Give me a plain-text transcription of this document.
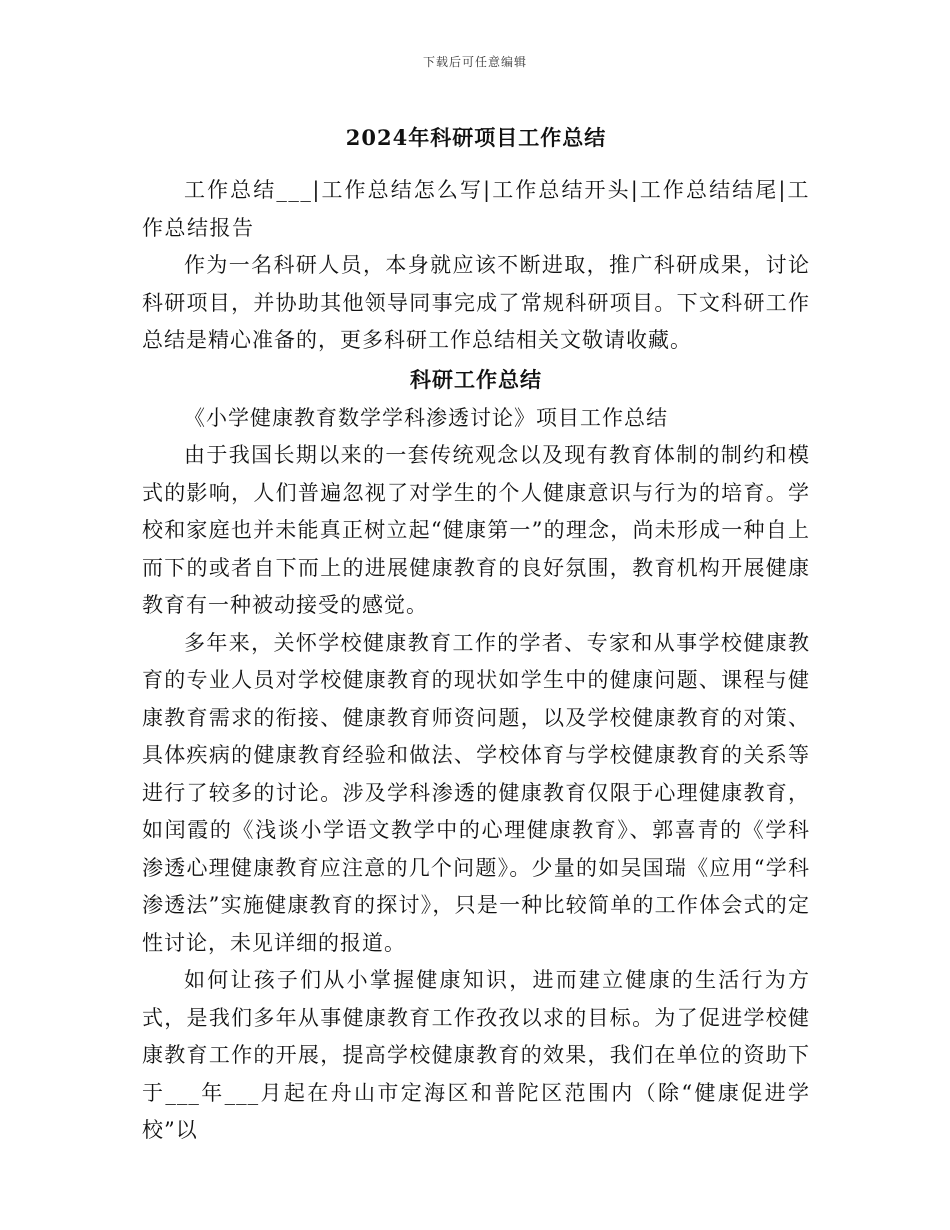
下载后可任意编辑
2024年科研项目工作总结

工作总结___|工作总结怎么写|工作总结开头|工作总结结尾|工作总结报告

作为一名科研人员，本身就应该不断进取，推广科研成果，讨论科研项目，并协助其他领导同事完成了常规科研项目。下文科研工作总结是精心准备的，更多科研工作总结相关文敬请收藏。

科研工作总结

《小学健康教育数学学科渗透讨论》项目工作总结

由于我国长期以来的一套传统观念以及现有教育体制的制约和模式的影响，人们普遍忽视了对学生的个人健康意识与行为的培育。学校和家庭也并未能真正树立起“健康第一”的理念，尚未形成一种自上而下的或者自下而上的进展健康教育的良好氛围，教育机构开展健康教育有一种被动接受的感觉。

多年来，关怀学校健康教育工作的学者、专家和从事学校健康教育的专业人员对学校健康教育的现状如学生中的健康问题、课程与健康教育需求的衔接、健康教育师资问题，以及学校健康教育的对策、具体疾病的健康教育经验和做法、学校体育与学校健康教育的关系等进行了较多的讨论。涉及学科渗透的健康教育仅限于心理健康教育，如闰霞的《浅谈小学语文教学中的心理健康教育》、郭喜青的《学科渗透心理健康教育应注意的几个问题》。少量的如吴国瑞《应用“学科渗透法”实施健康教育的探讨》，只是一种比较简单的工作体会式的定性讨论，未见详细的报道。

如何让孩子们从小掌握健康知识，进而建立健康的生活行为方式，是我们多年从事健康教育工作孜孜以求的目标。为了促进学校健康教育工作的开展，提高学校健康教育的效果，我们在单位的资助下于___年___月起在舟山市定海区和普陀区范围内（除“健康促进学校”以
